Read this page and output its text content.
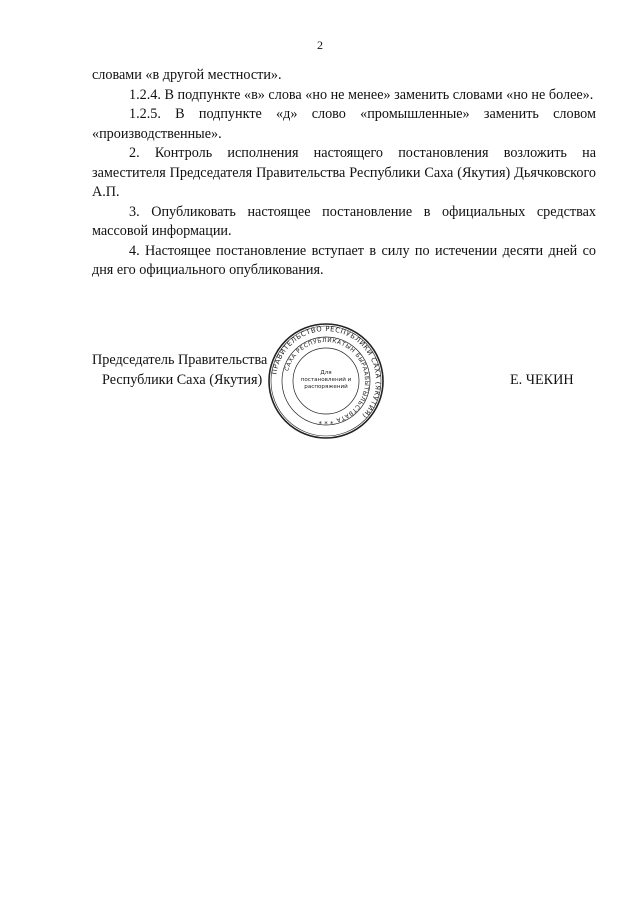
2

словами «в другой местности».

1.2.4. В подпункте «в» слова «но не менее» заменить словами «но не более».

1.2.5. В подпункте «д» слово «промышленные» заменить словом «производственные».

2. Контроль исполнения настоящего постановления возложить на заместителя Председателя Правительства Республики Саха (Якутия) Дьячковского А.П.

3. Опубликовать настоящее постановление в официальных средствах массовой информации.

4. Настоящее постановление вступает в силу по истечении десяти дней со дня его официального опубликования.

Председатель Правительства
Республики Саха (Якутия)	Е. ЧЕКИН
ПРАВИТЕЛЬСТВО РЕСПУБЛИКИ САХА (ЯКУТИЯ)
САХА РЕСПУБЛИКАТЫН БЫРААБЫТЫЛЬСТВАТА
Для
постановлений и
распоряжений
* * *
